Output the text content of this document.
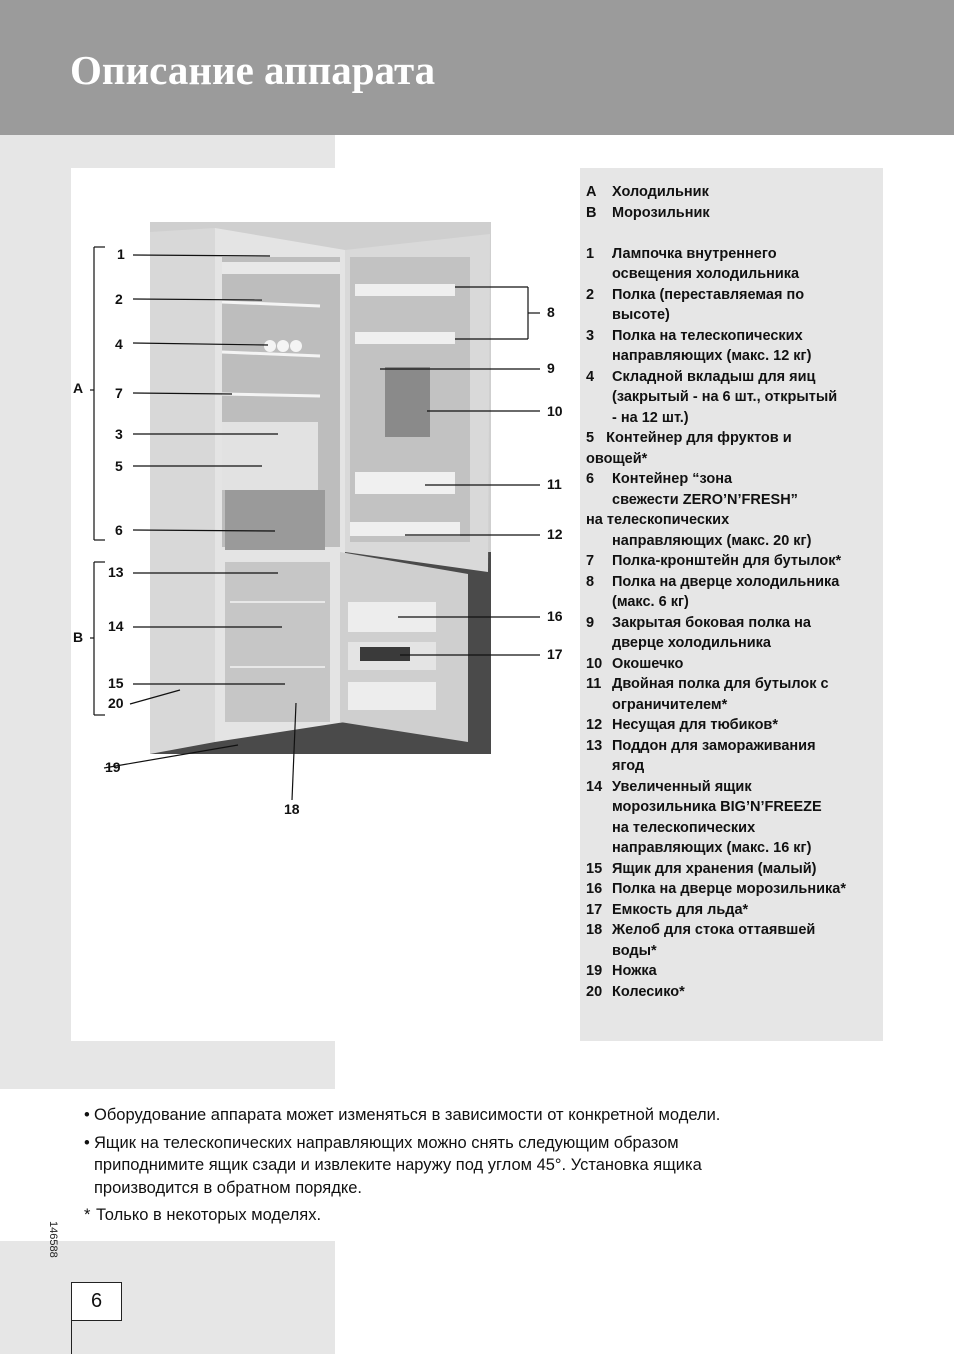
Описание аппарата
1
2
4
A 7
3
5
6
13
14
B
15
20
19
18
8
9
10
11
12
16
17
A	Холодильник
B	Морозильник
1	Лампочка внутреннего
освещения холодильника
2	Полка (переставляемая по
высоте)
3	Полка на телескопических
направляющих (макс. 12 кг)
4	Складной вкладыш для яиц
(закрытый - на 6 шт., открытый
- на 12 шт.)
5   Контейнер для фруктов и
овощей*
6	Контейнер “зона
свежести ZERO’N’FRESH”
на телескопических
направляющих (макс. 20 кг)
7	Полка-кронштейн для бутылок*
8	Полка на дверце холодильника
(макс. 6 кг)
9	Закрытая боковая полка на
дверце холодильника
10 Окошечко
11 Двойная полка для бутылок с
ограничителем*
12 Несущая для тюбиков*
13 Поддон для замораживания
ягод
14 Увеличенный ящик
морозильника BIG’N’FREEZE
на телескопических
направляющих (макс. 16 кг)
15 Ящик для хранения (малый)
16 Полка на дверце морозильника*
17 Емкость для льда*
18 Желоб для стока оттаявшей
воды*
19 Ножка
20 Колесико*
• Оборудование аппарата может изменяться в зависимости от конкретной модели.
• Ящик на телескопических направляющих можно снять следующим образом
приподнимите ящик сзади и извлеките наружу под углом 45°. Установка ящика
производится в обратном порядке.
* Только в некоторых моделях.
146588
6
